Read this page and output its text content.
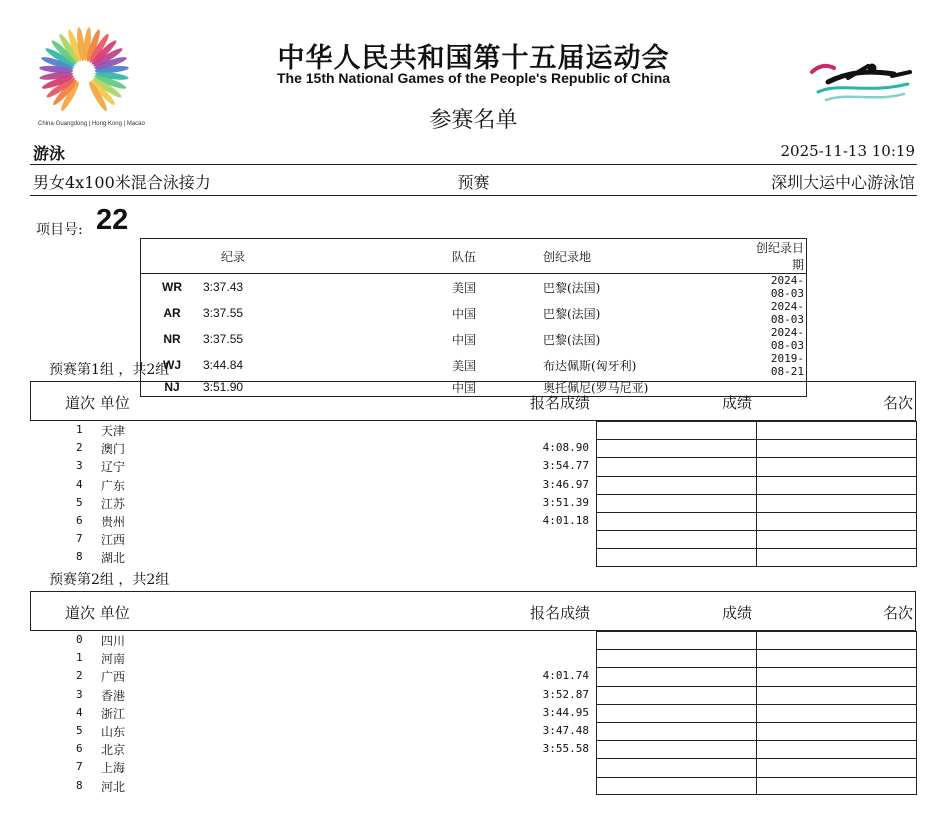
China·Guangdong | Hong Kong | Macao
中华人民共和国第十五届运动会
The 15th National Games of the People's Republic of China
参赛名单
游泳	2025-11-13 10:19
男女4x100米混合泳接力	预赛	深圳大运中心游泳馆
项目号: 22
	纪录	队伍	创纪录地	创纪录日期
WR	3:37.43	美国	巴黎(法国)	2024-08-03
AR	3:37.55	中国	巴黎(法国)	2024-08-03
NR	3:37.55	中国	巴黎(法国)	2024-08-03
WJ	3:44.84	美国	布达佩斯(匈牙利)	2019-08-21
NJ	3:51.90	中国	奥托佩尼(罗马尼亚)	
预赛第1组 ，共2组
道次 单位	报名成绩	成绩	名次
1 天津
2 澳门	4:08.90
3 辽宁	3:54.77
4 广东	3:46.97
5 江苏	3:51.39
6 贵州	4:01.18
7 江西
8 湖北
预赛第2组 ，共2组
道次 单位	报名成绩	成绩	名次
0 四川
1 河南
2 广西	4:01.74
3 香港	3:52.87
4 浙江	3:44.95
5 山东	3:47.48
6 北京	3:55.58
7 上海
8 河北
